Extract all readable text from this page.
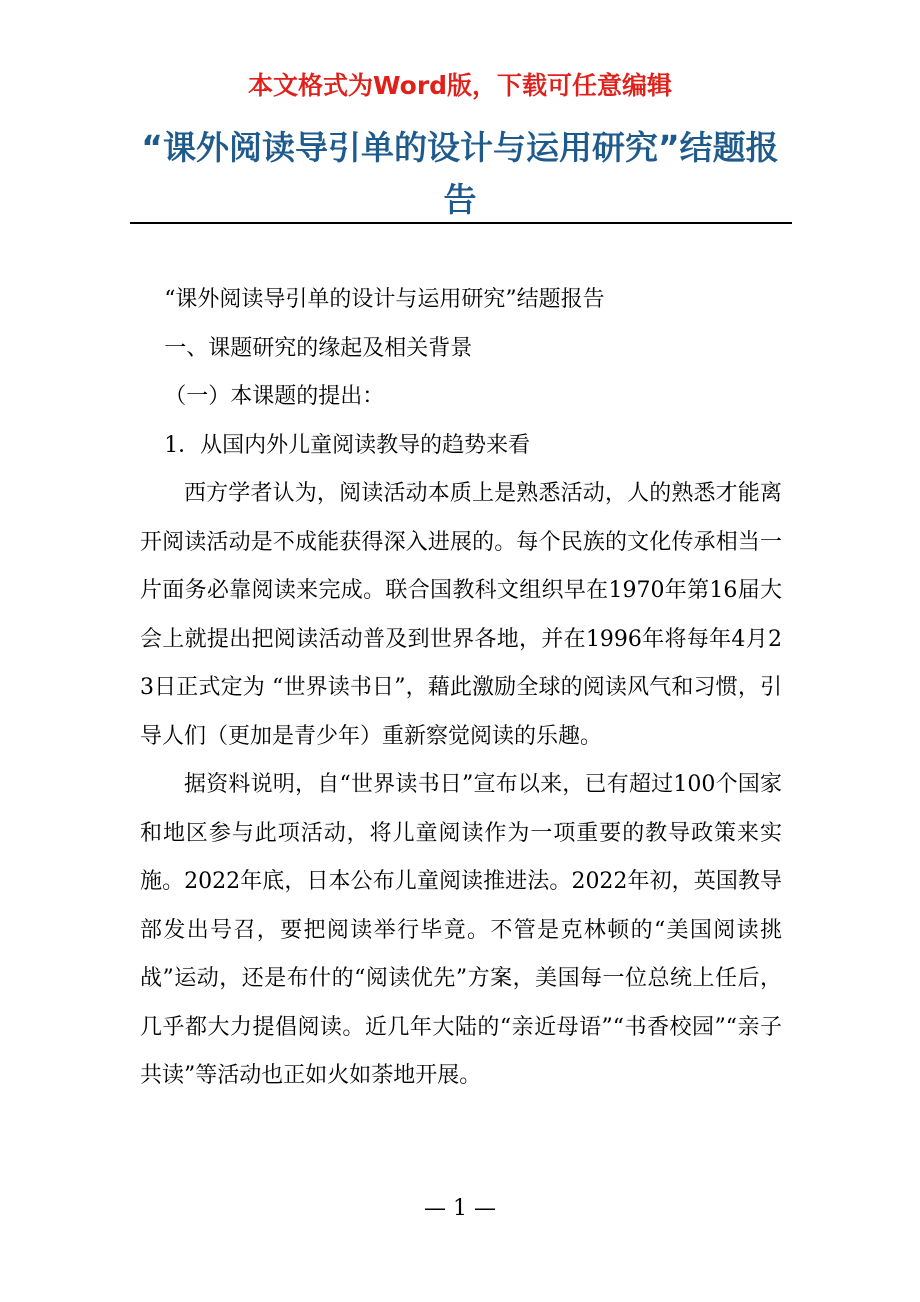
本文格式为Word版，下载可任意编辑
“课外阅读导引单的设计与运用研究”结题报告

“课外阅读导引单的设计与运用研究”结题报告

一、课题研究的缘起及相关背景

（一）本课题的提出：

1．从国内外儿童阅读教导的趋势来看

西方学者认为，阅读活动本质上是熟悉活动，人的熟悉才能离开阅读活动是不成能获得深入进展的。每个民族的文化传承相当一片面务必靠阅读来完成。联合国教科文组织早在1970年第16届大会上就提出把阅读活动普及到世界各地，并在1996年将每年4月23日正式定为 “世界读书日”，藉此激励全球的阅读风气和习惯，引导人们（更加是青少年）重新察觉阅读的乐趣。

据资料说明，自“世界读书日”宣布以来，已有超过100个国家和地区参与此项活动，将儿童阅读作为一项重要的教导政策来实施。2022年底，日本公布儿童阅读推进法。2022年初，英国教导部发出号召，要把阅读举行毕竟。不管是克林顿的“美国阅读挑战”运动，还是布什的“阅读优先”方案，美国每一位总统上任后，几乎都大力提倡阅读。近几年大陆的“亲近母语”“书香校园”“亲子共读”等活动也正如火如荼地开展。

— 1 —
